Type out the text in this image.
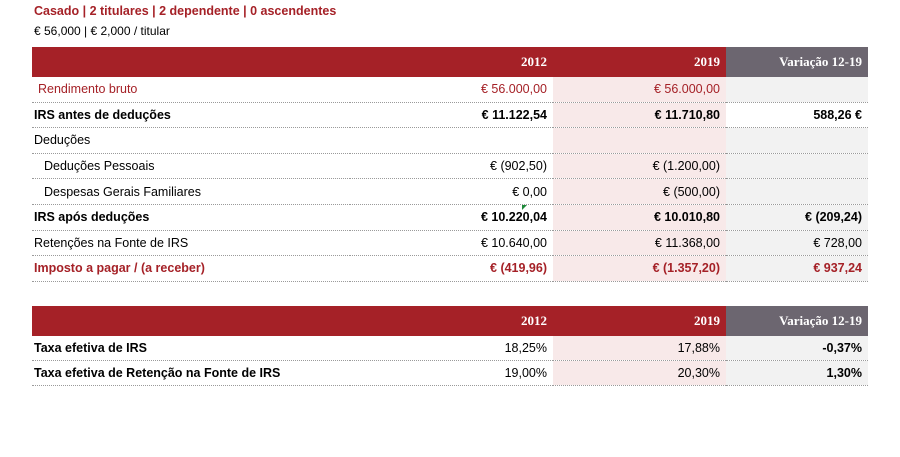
Casado | 2 titulares | 2 dependente | 0 ascendentes
€ 56,000 | € 2,000 / titular
	2012	2019	Variação 12-19
Rendimento bruto	€ 56.000,00	€ 56.000,00	
IRS antes de deduções	€ 11.122,54	€ 11.710,80	588,26 €
Deduções			
Deduções Pessoais	€ (902,50)	€ (1.200,00)	
Despesas Gerais Familiares	€ 0,00	€ (500,00)	
IRS após deduções	€ 10.220,04	€ 10.010,80	€ (209,24)
Retenções na Fonte de IRS	€ 10.640,00	€ 11.368,00	€ 728,00
Imposto a pagar / (a receber)	€ (419,96)	€ (1.357,20)	€ 937,24
	2012	2019	Variação 12-19
Taxa efetiva de IRS	18,25%	17,88%	-0,37%
Taxa efetiva de Retenção na Fonte de IRS	19,00%	20,30%	1,30%
